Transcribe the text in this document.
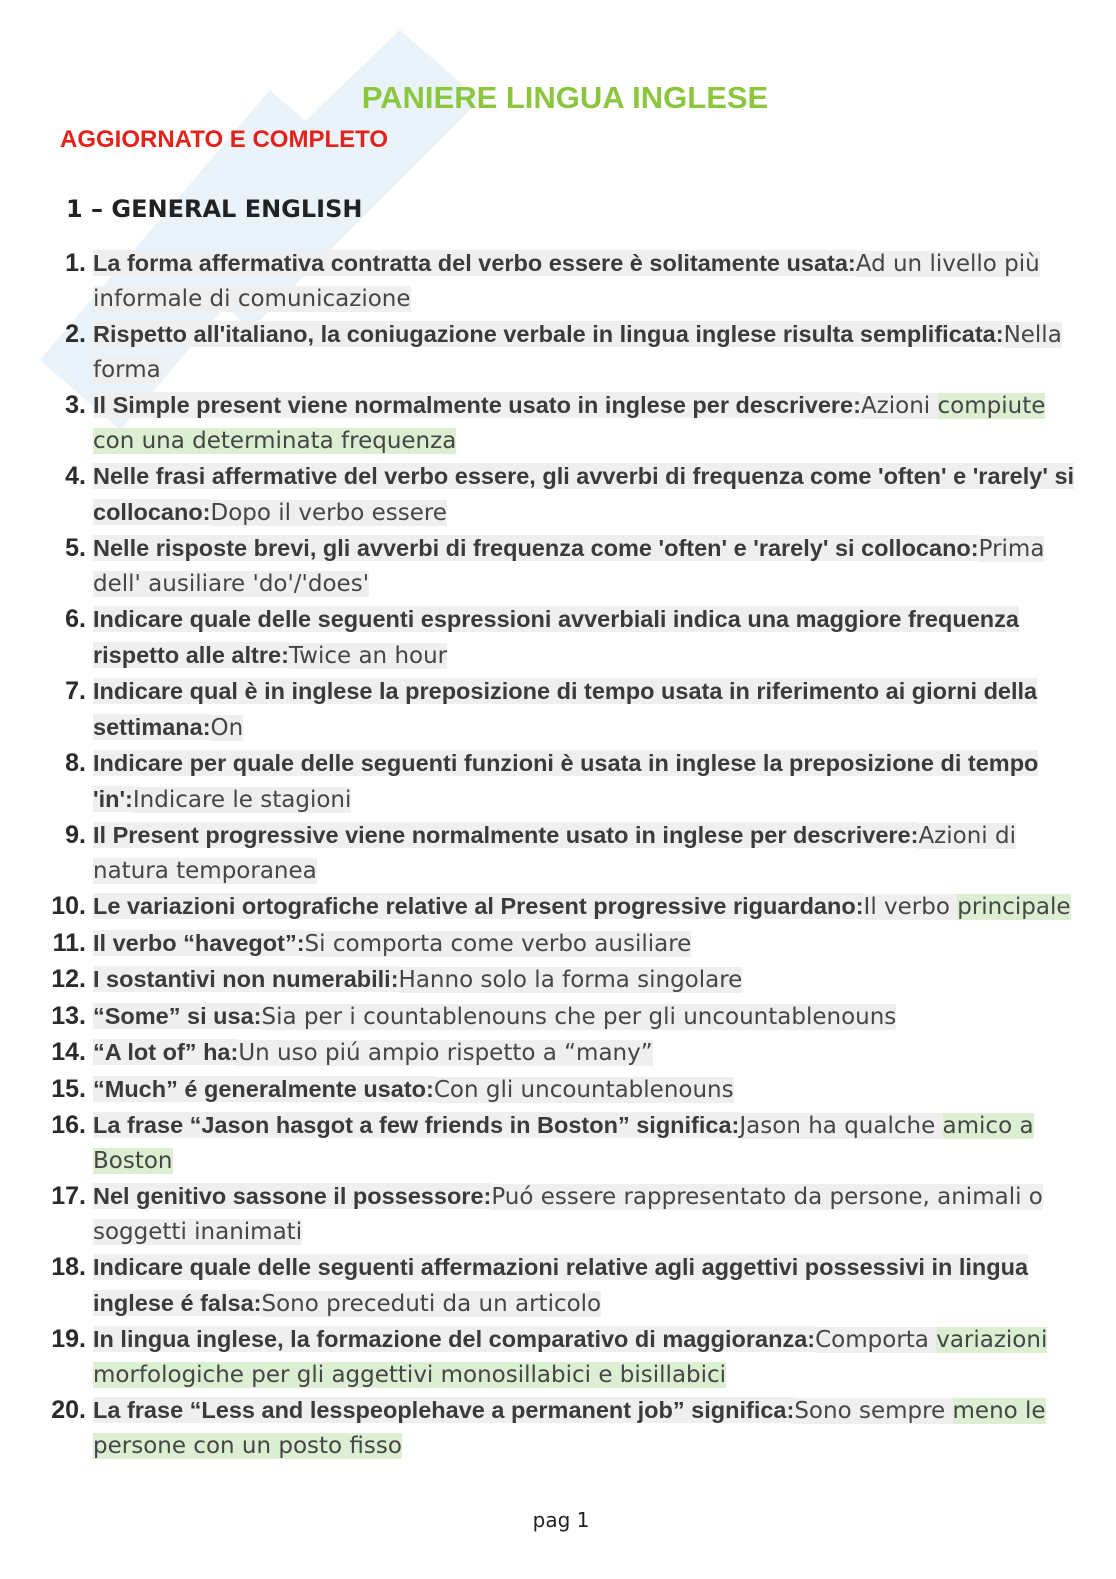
PANIERE LINGUA INGLESE
AGGIORNATO E COMPLETO
1 – GENERAL ENGLISH
1. La forma affermativa contratta del verbo essere è solitamente usata:Ad un livello più informale di comunicazione
2. Rispetto all'italiano, la coniugazione verbale in lingua inglese risulta semplificata:Nella forma
3. Il Simple present viene normalmente usato in inglese per descrivere:Azioni compiute con una determinata frequenza
4. Nelle frasi affermative del verbo essere, gli avverbi di frequenza come 'often' e 'rarely' si collocano:Dopo il verbo essere
5. Nelle risposte brevi, gli avverbi di frequenza come 'often' e 'rarely' si collocano:Prima dell' ausiliare 'do'/'does'
6. Indicare quale delle seguenti espressioni avverbiali indica una maggiore frequenza rispetto alle altre:Twice an hour
7. Indicare qual è in inglese la preposizione di tempo usata in riferimento ai giorni della settimana:On
8. Indicare per quale delle seguenti funzioni è usata in inglese la preposizione di tempo 'in':Indicare le stagioni
9. Il Present progressive viene normalmente usato in inglese per descrivere:Azioni di natura temporanea
10. Le variazioni ortografiche relative al Present progressive riguardano:Il verbo principale
11. Il verbo “havegot”:Si comporta come verbo ausiliare
12. I sostantivi non numerabili:Hanno solo la forma singolare
13. “Some” si usa:Sia per i countablenouns che per gli uncountablenouns
14. “A lot of” ha:Un uso piú ampio rispetto a “many”
15. “Much” é generalmente usato:Con gli uncountablenouns
16. La frase “Jason hasgot a few friends in Boston” significa:Jason ha qualche amico a Boston
17. Nel genitivo sassone il possessore:Puó essere rappresentato da persone, animali o soggetti inanimati
18. Indicare quale delle seguenti affermazioni relative agli aggettivi possessivi in lingua inglese é falsa:Sono preceduti da un articolo
19. In lingua inglese, la formazione del comparativo di maggioranza:Comporta variazioni morfologiche per gli aggettivi monosillabici e bisillabici
20. La frase “Less and lesspeoplehave a permanent job” significa:Sono sempre meno le persone con un posto fisso
pag 1
